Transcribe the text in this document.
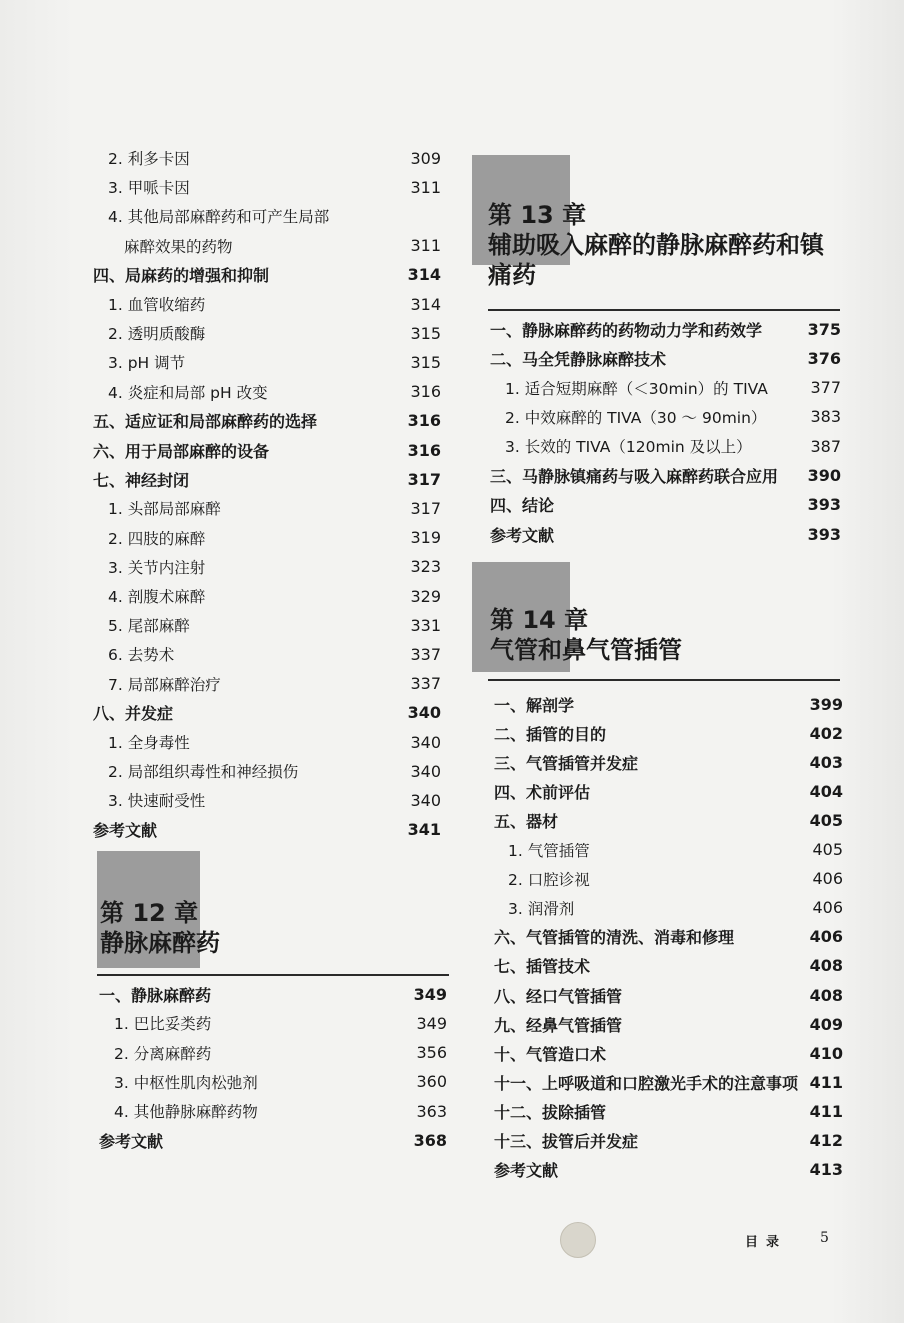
2. 利多卡因	309
3. 甲哌卡因	311
4. 其他局部麻醉药和可产生局部
麻醉效果的药物	311
四、局麻药的增强和抑制	314
1. 血管收缩药	314
2. 透明质酸酶	315
3. pH 调节	315
4. 炎症和局部 pH 改变	316
五、适应证和局部麻醉药的选择	316
六、用于局部麻醉的设备	316
七、神经封闭	317
1. 头部局部麻醉	317
2. 四肢的麻醉	319
3. 关节内注射	323
4. 剖腹术麻醉	329
5. 尾部麻醉	331
6. 去势术	337
7. 局部麻醉治疗	337
八、并发症	340
1. 全身毒性	340
2. 局部组织毒性和神经损伤	340
3. 快速耐受性	340
参考文献	341
第 12 章
静脉麻醉药
一、静脉麻醉药	349
1. 巴比妥类药	349
2. 分离麻醉药	356
3. 中枢性肌肉松弛剂	360
4. 其他静脉麻醉药物	363
参考文献	368
第 13 章
辅助吸入麻醉的静脉麻醉药和镇痛药
一、静脉麻醉药的药物动力学和药效学	375
二、马全凭静脉麻醉技术	376
1. 适合短期麻醉（＜30min）的 TIVA	377
2. 中效麻醉的 TIVA（30 ～ 90min）	383
3. 长效的 TIVA（120min 及以上）	387
三、马静脉镇痛药与吸入麻醉药联合应用 390
四、结论	393
参考文献	393
第 14 章
气管和鼻气管插管
一、解剖学	399
二、插管的目的	402
三、气管插管并发症	403
四、术前评估	404
五、器材	405
1. 气管插管	405
2. 口腔诊视	406
3. 润滑剂	406
六、气管插管的清洗、消毒和修理	406
七、插管技术	408
八、经口气管插管	408
九、经鼻气管插管	409
十、气管造口术	410
十一、上呼吸道和口腔激光手术的注意事项 411
十二、拔除插管	411
十三、拔管后并发症	412
参考文献	413
目录 5
